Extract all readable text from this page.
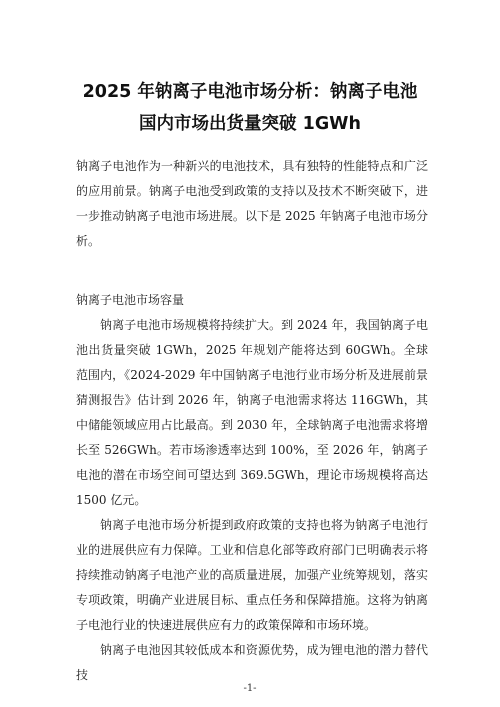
2025 年钠离子电池市场分析：钠离子电池
国内市场出货量突破 1GWh

钠离子电池作为一种新兴的电池技术，具有独特的性能特点和广泛的应用前景。钠离子电池受到政策的支持以及技术不断突破下，进一步推动钠离子电池市场进展。以下是 2025 年钠离子电池市场分析。

钠离子电池市场容量

钠离子电池市场规模将持续扩大。到 2024 年，我国钠离子电池出货量突破 1GWh，2025 年规划产能将达到 60GWh。全球范围内，《2024-2029 年中国钠离子电池行业市场分析及进展前景猜测报告》估计到 2026 年，钠离子电池需求将达 116GWh，其中储能领域应用占比最高。到 2030 年，全球钠离子电池需求将增长至 526GWh。若市场渗透率达到 100%，至 2026 年，钠离子电池的潜在市场空间可望达到 369.5GWh，理论市场规模将高达 1500 亿元。

钠离子电池市场分析提到政府政策的支持也将为钠离子电池行业的进展供应有力保障。工业和信息化部等政府部门已明确表示将持续推动钠离子电池产业的高质量进展，加强产业统筹规划，落实专项政策，明确产业进展目标、重点任务和保障措施。这将为钠离子电池行业的快速进展供应有力的政策保障和市场环境。

钠离子电池因其较低成本和资源优势，成为锂电池的潜力替代技

-1-
